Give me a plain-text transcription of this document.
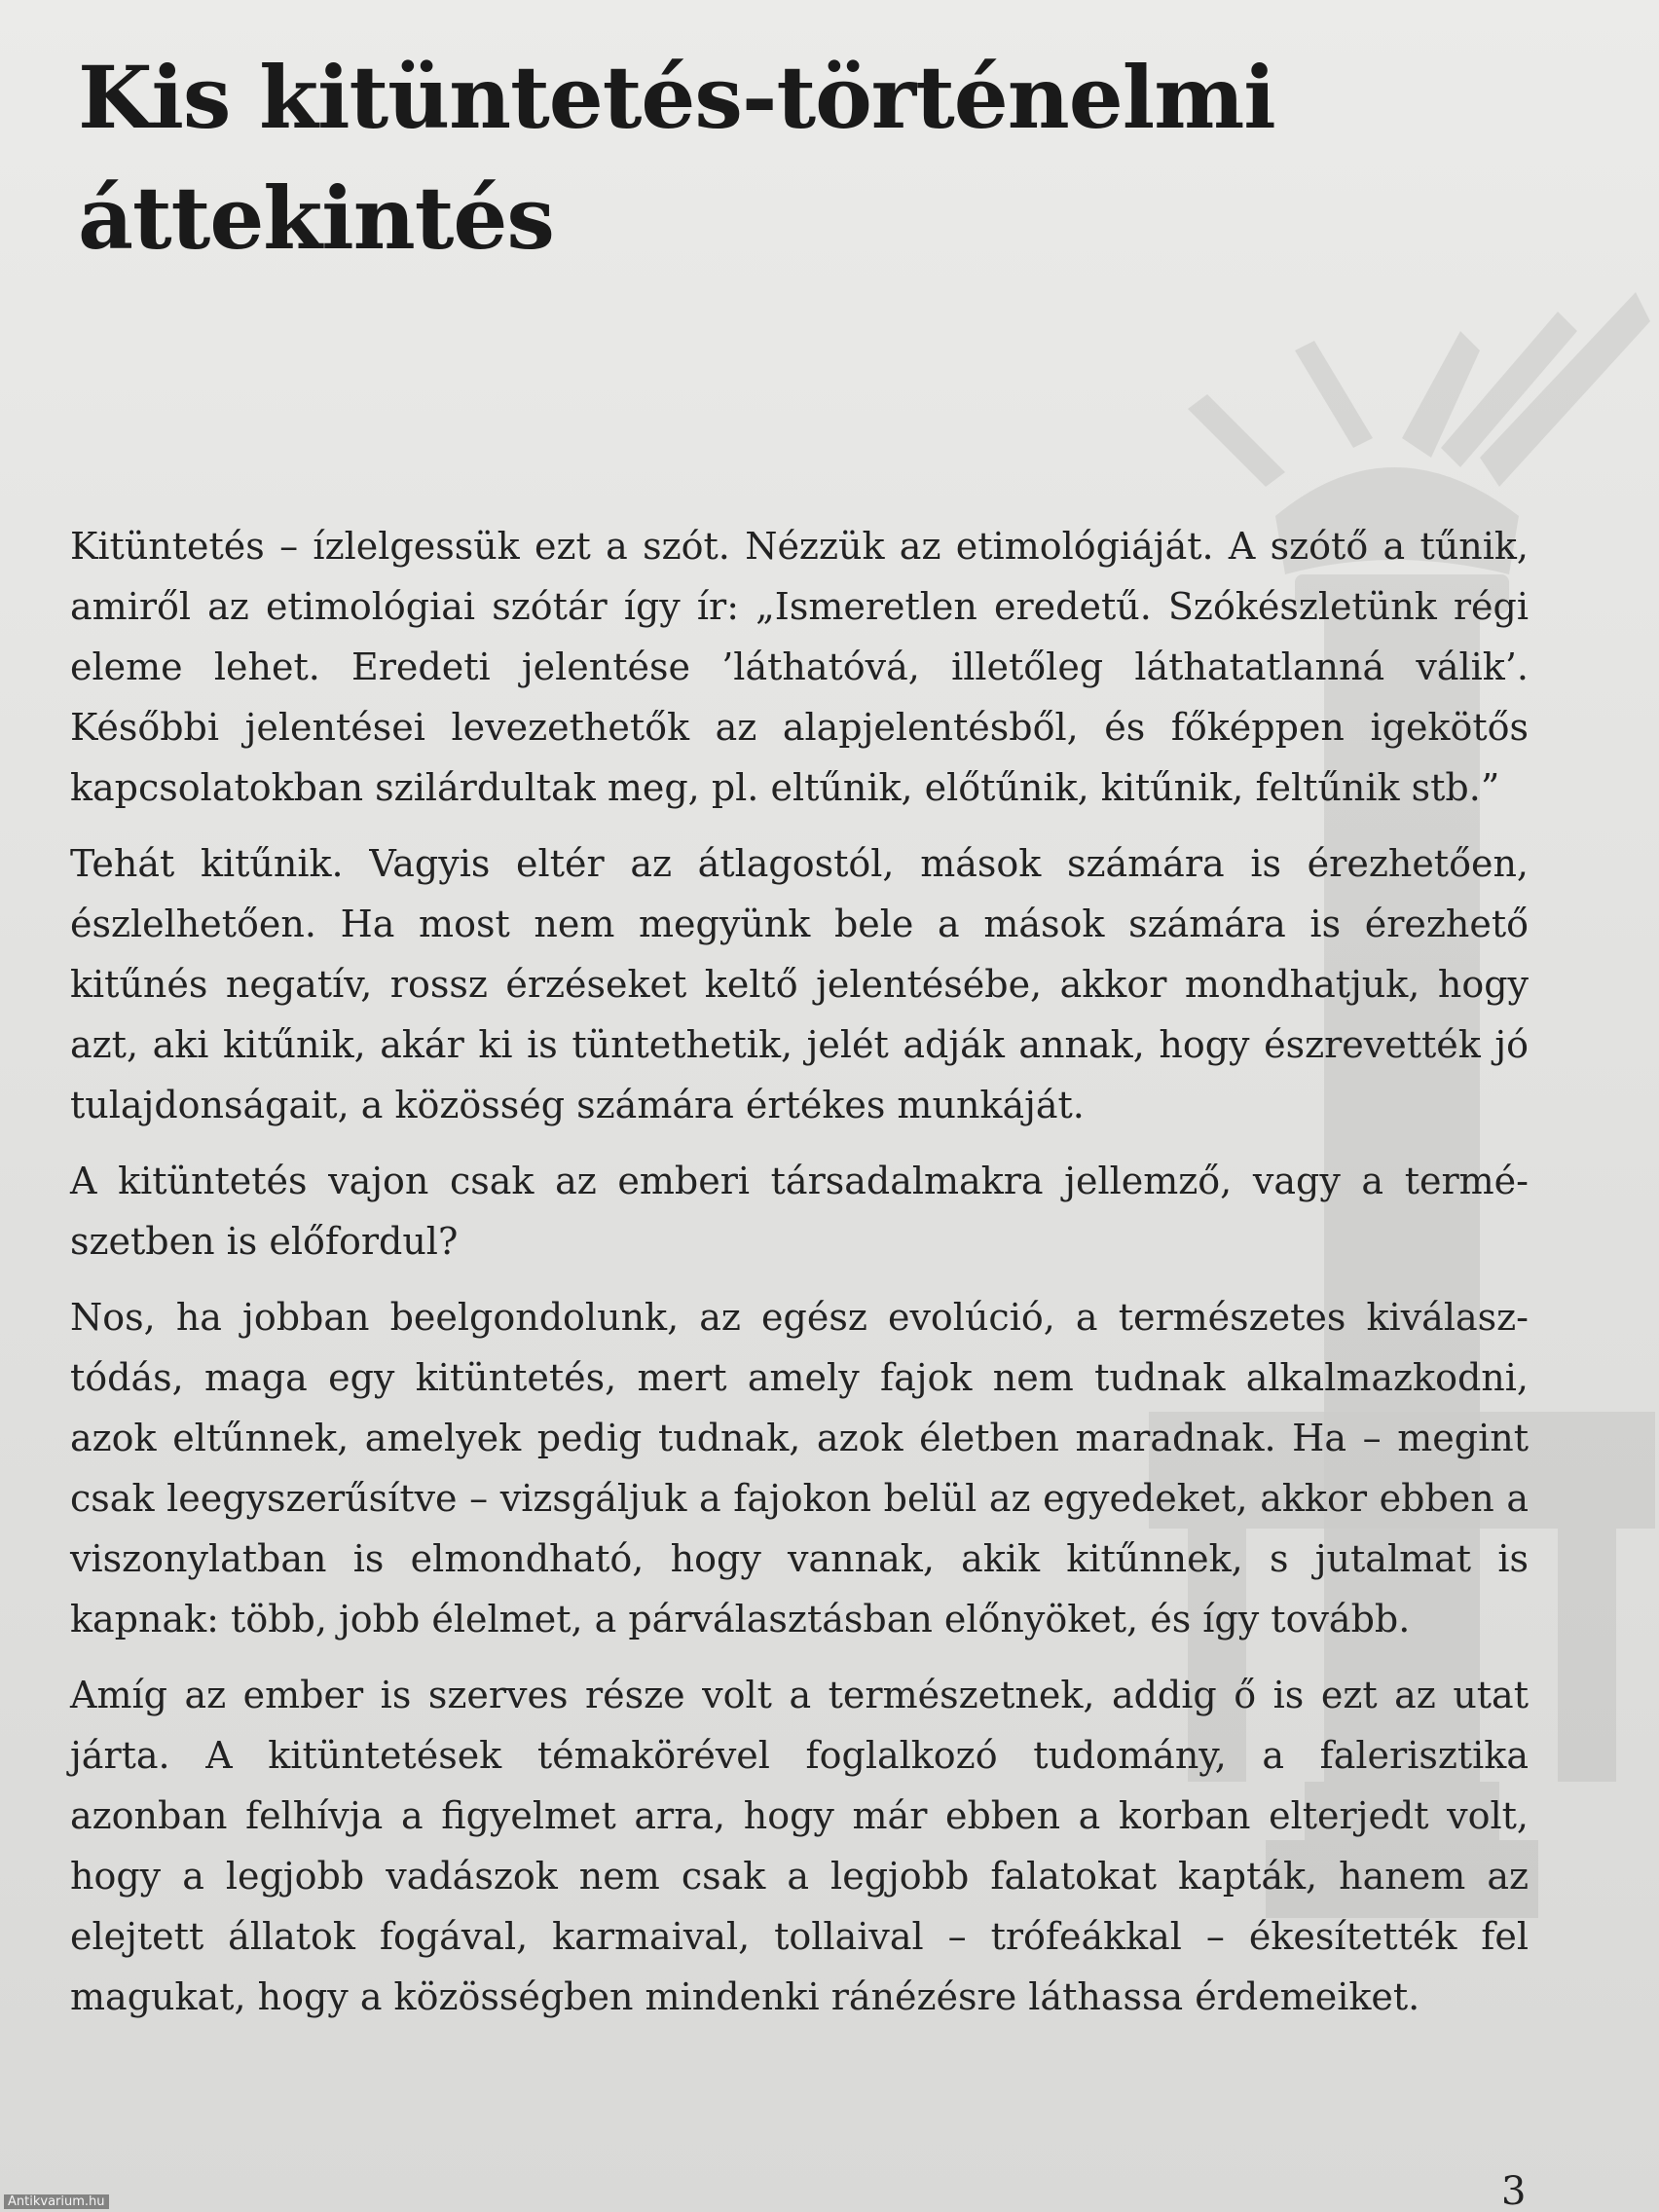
Kis kitüntetés-történelmi áttekintés

Kitüntetés – ízlelgessük ezt a szót. Nézzük az etimológiáját. A szótő a tűnik, amiről az etimológiai szótár így ír: „Ismeretlen eredetű. Szókészletünk régi eleme lehet. Eredeti jelentése ’láthatóvá, illetőleg láthatatlanná válik’. Későbbi jelentései levezethetők az alapjelentésből, és főképpen igekötős kapcsolatokban szilárdultak meg, pl. eltűnik, előtűnik, kitűnik, feltűnik stb.”

Tehát kitűnik. Vagyis eltér az átlagostól, mások számára is érezhetően, észlelhetően. Ha most nem megyünk bele a mások számára is érezhető kitűnés negatív, rossz érzéseket keltő jelentésébe, akkor mondhatjuk, hogy azt, aki kitűnik, akár ki is tüntethetik, jelét adják annak, hogy észrevették jó tulajdonságait, a közösség számára értékes munkáját.

A kitüntetés vajon csak az emberi társadalmakra jellemző, vagy a természetben is előfordul?

Nos, ha jobban beelgondolunk, az egész evolúció, a természetes kiválasztódás, maga egy kitüntetés, mert amely fajok nem tudnak alkalmazkodni, azok eltűnnek, amelyek pedig tudnak, azok életben maradnak. Ha – megint csak leegyszerűsítve – vizsgáljuk a fajokon belül az egyedeket, akkor ebben a viszonylatban is elmondható, hogy vannak, akik kitűnnek, s jutalmat is kapnak: több, jobb élelmet, a párválasztásban előnyöket, és így tovább.

Amíg az ember is szerves része volt a természetnek, addig ő is ezt az utat járta. A kitüntetések témakörével foglalkozó tudomány, a falerisztika azonban felhívja a figyelmet arra, hogy már ebben a korban elterjedt volt, hogy a legjobb vadászok nem csak a legjobb falatokat kapták, hanem az elejtett állatok fogával, karmaival, tollaival – trófeákkal – ékesítették fel magukat, hogy a közösségben mindenki ránézésre láthassa érdemeiket.

3
Antikvarium.hu
